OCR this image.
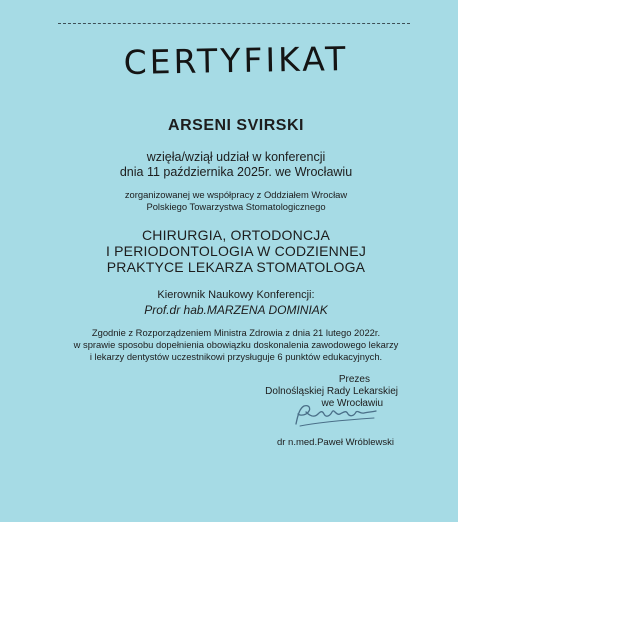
CERTYFIKAT
ARSENI SVIRSKI
wzięła/wziął udział w konferencji
dnia 11 października 2025r. we Wrocławiu
zorganizowanej we współpracy z Oddziałem Wrocław
Polskiego Towarzystwa Stomatologicznego
CHIRURGIA, ORTODONCJA
I PERIODONTOLOGIA W CODZIENNEJ
PRAKTYCE LEKARZA STOMATOLOGA
Kierownik Naukowy Konferencji:
Prof.dr hab.MARZENA DOMINIAK
Zgodnie z Rozporządzeniem Ministra Zdrowia z dnia 21 lutego 2022r.
w sprawie sposobu dopełnienia obowiązku doskonalenia zawodowego lekarzy
i lekarzy dentystów uczestnikowi przysługuje 6 punktów edukacyjnych.
Prezes
Dolnośląskiej Rady Lekarskiej
we Wrocławiu
dr n.med.Paweł Wróblewski
